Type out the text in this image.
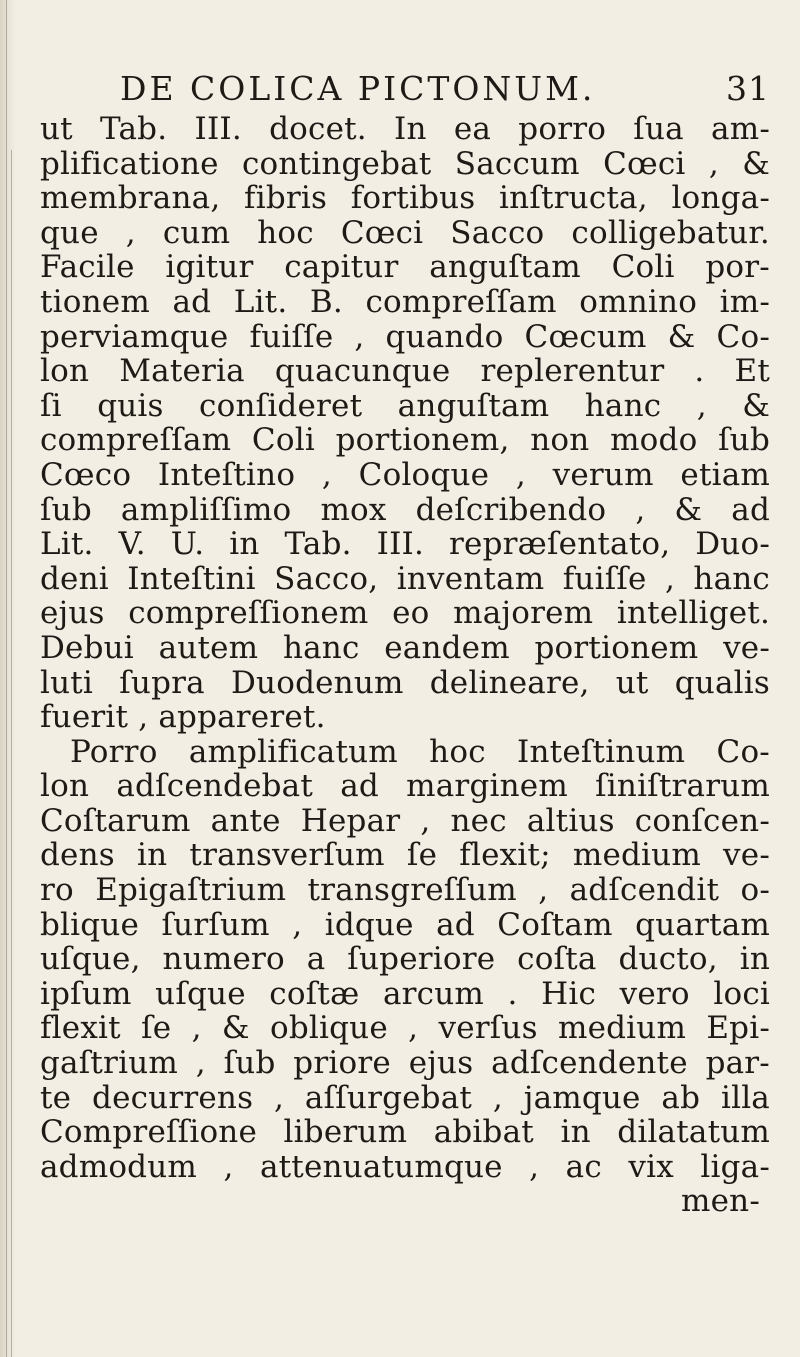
DE COLICA PICTONUM.	31
ut Tab. III. docet. In ea porro ſua am-
plificatione contingebat Saccum Cœci , &
membrana, fibris fortibus inſtructa, longa-
que , cum hoc Cœci Sacco colligebatur.
Facile igitur capitur anguſtam Coli por-
tionem ad Lit. B. compreſſam omnino im-
perviamque fuiſſe , quando Cœcum & Co-
lon Materia quacunque replerentur . Et
ſi quis conſideret anguſtam hanc , &
compreſſam Coli portionem, non modo ſub
Cœco Inteſtino , Coloque , verum etiam
ſub ampliſſimo mox deſcribendo , & ad
Lit. V. U. in Tab. III. repræſentato, Duo-
deni Inteſtini Sacco, inventam fuiſſe , hanc
ejus compreſſionem eo majorem intelliget.
Debui autem hanc eandem portionem ve-
luti ſupra Duodenum delineare, ut qualis
fuerit , appareret.
Porro amplificatum hoc Inteſtinum Co-
lon adſcendebat ad marginem ſiniſtrarum
Coſtarum ante Hepar , nec altius conſcen-
dens in transverſum ſe flexit; medium ve-
ro Epigaſtrium transgreſſum , adſcendit o-
blique ſurſum , idque ad Coſtam quartam
uſque, numero a ſuperiore coſta ducto, in
ipſum uſque coſtæ arcum . Hic vero loci
flexit ſe , & oblique , verſus medium Epi-
gaſtrium , ſub priore ejus adſcendente par-
te decurrens , aſſurgebat , jamque ab illa
Compreſſione liberum abibat in dilatatum
admodum , attenuatumque , ac vix liga-
men-
